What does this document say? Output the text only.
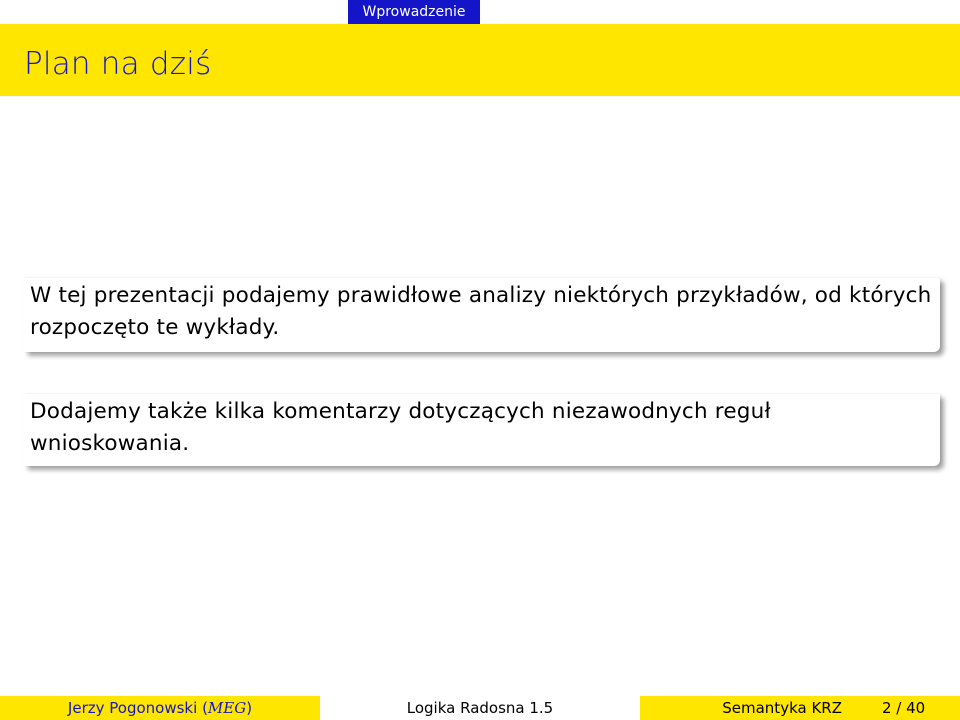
Wprowadzenie
Plan na dziś

W tej prezentacji podajemy prawidłowe analizy niektórych przykładów, od których rozpoczęto te wykłady.

Dodajemy także kilka komentarzy dotyczących niezawodnych reguł wnioskowania.

Jerzy Pogonowski (MEG)	Logika Radosna 1.5	Semantyka KRZ	2 / 40
